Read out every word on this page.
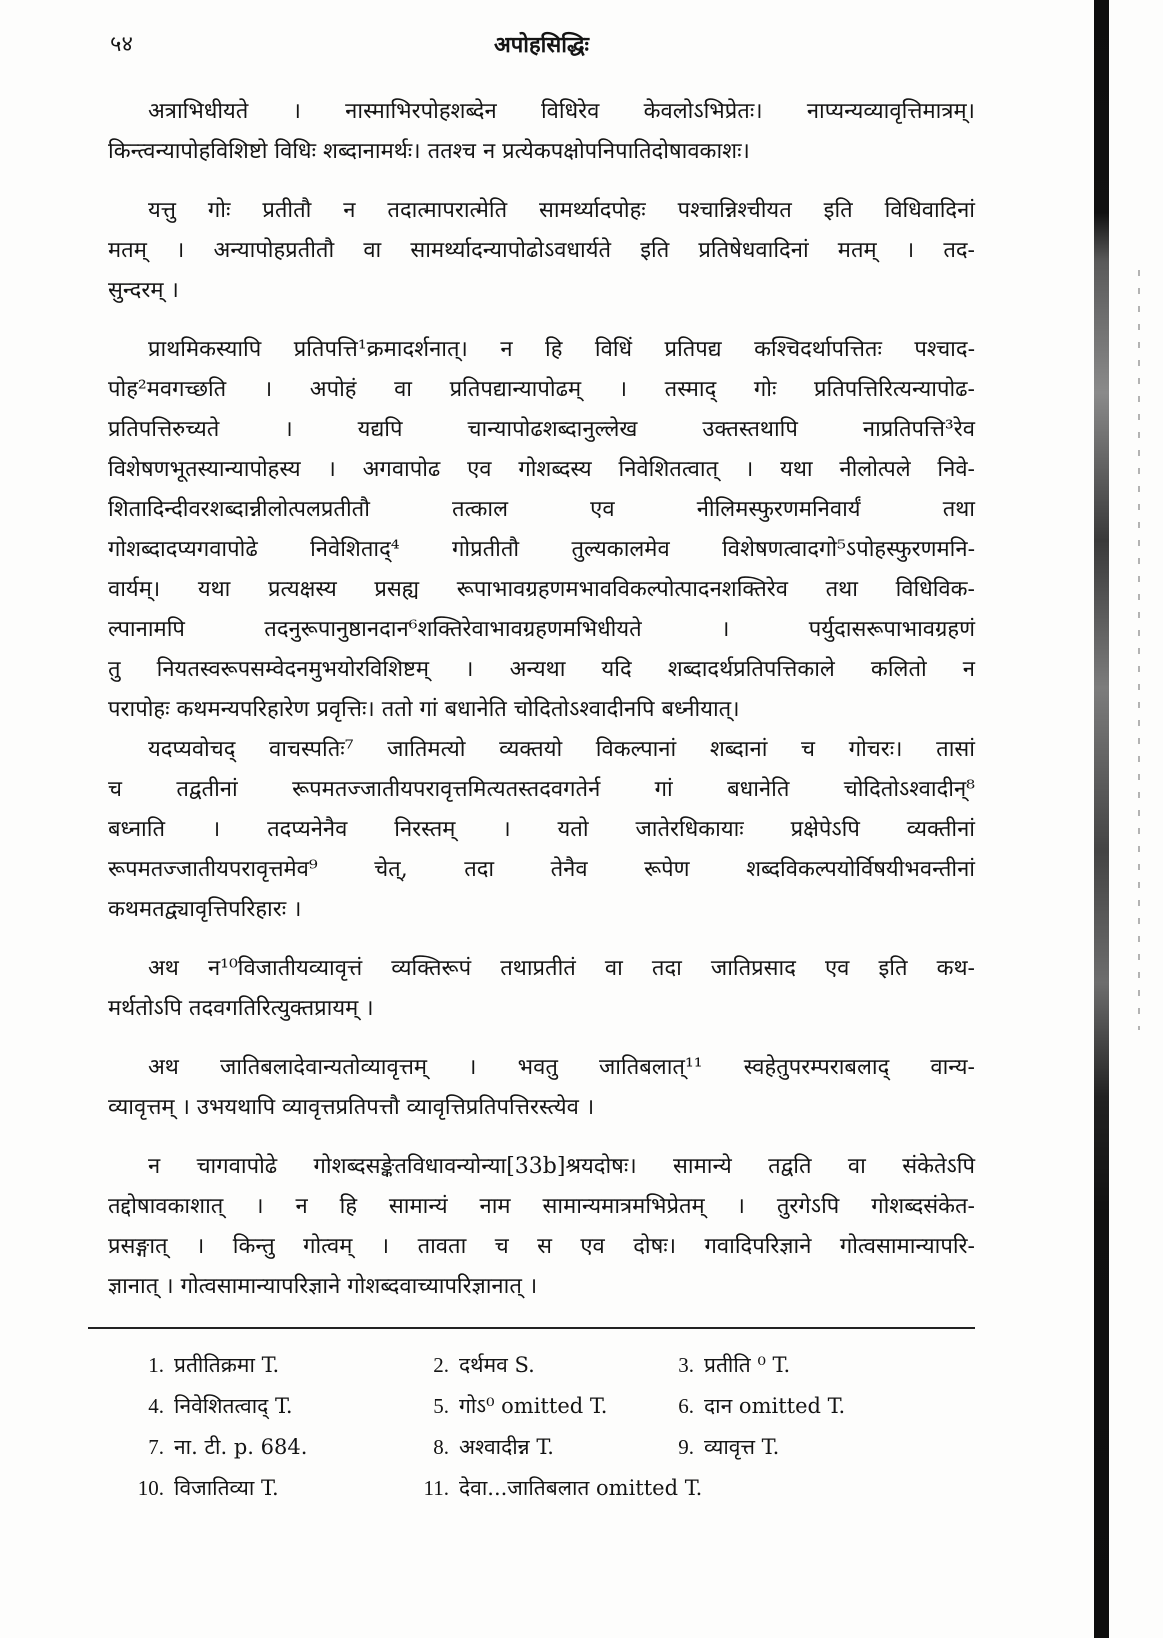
५४	अपोहसिद्धिः
अत्राभिधीयते । नास्माभिरपोहशब्देन विधिरेव केवलोऽभिप्रेतः। नाप्यन्यव्यावृत्तिमात्रम्।
किन्त्वन्यापोहविशिष्टो विधिः शब्दानामर्थः। ततश्च न प्रत्येकपक्षोपनिपातिदोषावकाशः।
यत्तु गोः प्रतीतौ न तदात्मापरात्मेति सामर्थ्यादपोहः पश्चान्निश्चीयत इति विधिवादिनां
मतम् । अन्यापोहप्रतीतौ वा सामर्थ्यादन्यापोढोऽवधार्यते इति प्रतिषेधवादिनां मतम् । तद-
सुन्दरम् ।
प्राथमिकस्यापि प्रतिपत्ति¹क्रमादर्शनात्। न हि विधिं प्रतिपद्य कश्चिदर्थापत्तितः पश्चाद-
पोह²मवगच्छति । अपोहं वा प्रतिपद्यान्यापोढम् । तस्माद् गोः प्रतिपत्तिरित्यन्यापोढ-
प्रतिपत्तिरुच्यते । यद्यपि चान्यापोढशब्दानुल्लेख उक्तस्तथापि नाप्रतिपत्ति³रेव
विशेषणभूतस्यान्यापोहस्य । अगवापोढ एव गोशब्दस्य निवेशितत्वात् । यथा नीलोत्पले निवे-
शितादिन्दीवरशब्दान्नीलोत्पलप्रतीतौ तत्काल एव नीलिमस्फुरणमनिवार्यं तथा
गोशब्दादप्यगवापोढे निवेशिताद्⁴ गोप्रतीतौ तुल्यकालमेव विशेषणत्वादगो⁵ऽपोहस्फुरणमनि-
वार्यम्। यथा प्रत्यक्षस्य प्रसह्य रूपाभावग्रहणमभावविकल्पोत्पादनशक्तिरेव तथा विधिविक-
ल्पानामपि तदनुरूपानुष्ठानदान⁶शक्तिरेवाभावग्रहणमभिधीयते । पर्युदासरूपाभावग्रहणं
तु नियतस्वरूपसम्वेदनमुभयोरविशिष्टम् । अन्यथा यदि शब्दादर्थप्रतिपत्तिकाले कलितो न
परापोहः कथमन्यपरिहारेण प्रवृत्तिः। ततो गां बधानेति चोदितोऽश्वादीनपि बध्नीयात्।
यदप्यवोचद् वाचस्पतिः⁷ जातिमत्यो व्यक्तयो विकल्पानां शब्दानां च गोचरः। तासां
च तद्वतीनां रूपमतज्जातीयपरावृत्तमित्यतस्तदवगतेर्न गां बधानेति चोदितोऽश्वादीन्⁸
बध्नाति । तदप्यनेनैव निरस्तम् । यतो जातेरधिकायाः प्रक्षेपेऽपि व्यक्तीनां
रूपमतज्जातीयपरावृत्तमेव⁹ चेत्, तदा तेनैव रूपेण शब्दविकल्पयोर्विषयीभवन्तीनां
कथमतद्व्यावृत्तिपरिहारः ।
अथ न¹⁰विजातीयव्यावृत्तं व्यक्तिरूपं तथाप्रतीतं वा तदा जातिप्रसाद एव इति कथ-
मर्थतोऽपि तदवगतिरित्युक्तप्रायम् ।
अथ जातिबलादेवान्यतोव्यावृत्तम् । भवतु जातिबलात्¹¹ स्वहेतुपरम्पराबलाद् वान्य-
व्यावृत्तम् । उभयथापि व्यावृत्तप्रतिपत्तौ व्यावृत्तिप्रतिपत्तिरस्त्येव ।
न चागवापोढे गोशब्दसङ्केतविधावन्योन्या[33b]श्रयदोषः। सामान्ये तद्वति वा संकेतेऽपि
तद्दोषावकाशात् । न हि सामान्यं नाम सामान्यमात्रमभिप्रेतम् । तुरगेऽपि गोशब्दसंकेत-
प्रसङ्गात् । किन्तु गोत्वम् । तावता च स एव दोषः। गवादिपरिज्ञाने गोत्वसामान्यापरि-
ज्ञानात् । गोत्वसामान्यापरिज्ञाने गोशब्दवाच्यापरिज्ञानात् ।
1. प्रतीतिक्रमा T.	2. दर्थमव S.	3. प्रतीति ⁰ T.
4. निवेशितत्वाद् T.	5. गोऽ⁰ omitted T.	6. दान omitted T.
7. ना. टी. p. 684.	8. अश्वादीन्न T.	9. व्यावृत्त T.
10. विजातिव्या T.	11. देवा...जातिबलात omitted T.
